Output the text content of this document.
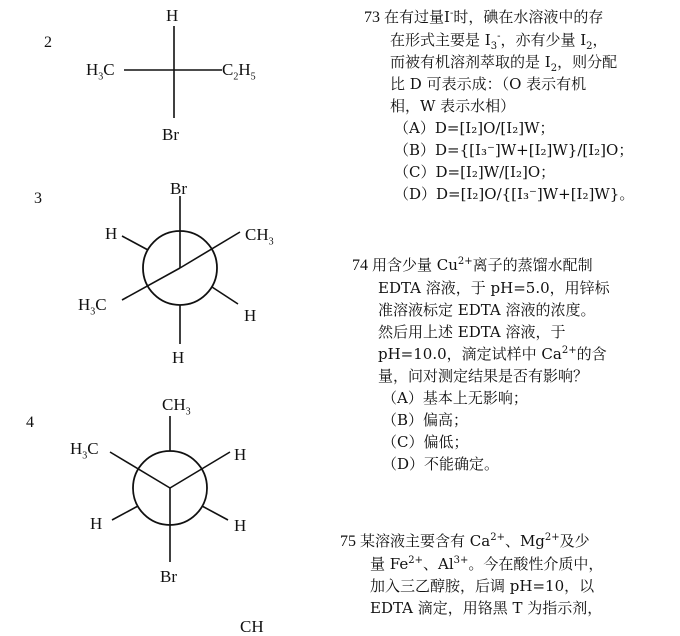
2
H
$H_3C$	$C_2H_5$
Br
3
Br
$CH_3$
$H_3C$
H
H
H
4
$CH_3$
$H_3C$	H
H	H
Br
CH

73 在有过量I-时，碘在水溶液中的存

在形式主要是 $I_3^-$，亦有少量 $I_2$，

而被有机溶剂萃取的是 $I_2$，则分配

比 D 可表示成：（O 表示有机

相，W 表示水相）

（A）D=[I₂]O/[I₂]W；

（B）D={[I₃⁻]W+[I₂]W}/[I₂]O；

（C）D=[I₂]W/[I₂]O；

（D）D=[I₂]O/{[I₃⁻]W+[I₂]W}。

74 用含少量 $Cu^{2+}$离子的蒸馏水配制

EDTA 溶液，于 pH=5.0，用锌标

准溶液标定 EDTA 溶液的浓度。

然后用上述 EDTA 溶液，于

pH=10.0，滴定试样中 $Ca^{2+}$的含

量，问对测定结果是否有影响？

（A）基本上无影响；

（B）偏高；

（C）偏低；

（D）不能确定。

75 某溶液主要含有 $Ca^{2+}$、$Mg^{2+}$及少

量 $Fe^{2+}$、$Al^{3+}$。今在酸性介质中，

加入三乙醇胺，后调 pH=10，以

EDTA 滴定，用铬黑 T 为指示剂，
